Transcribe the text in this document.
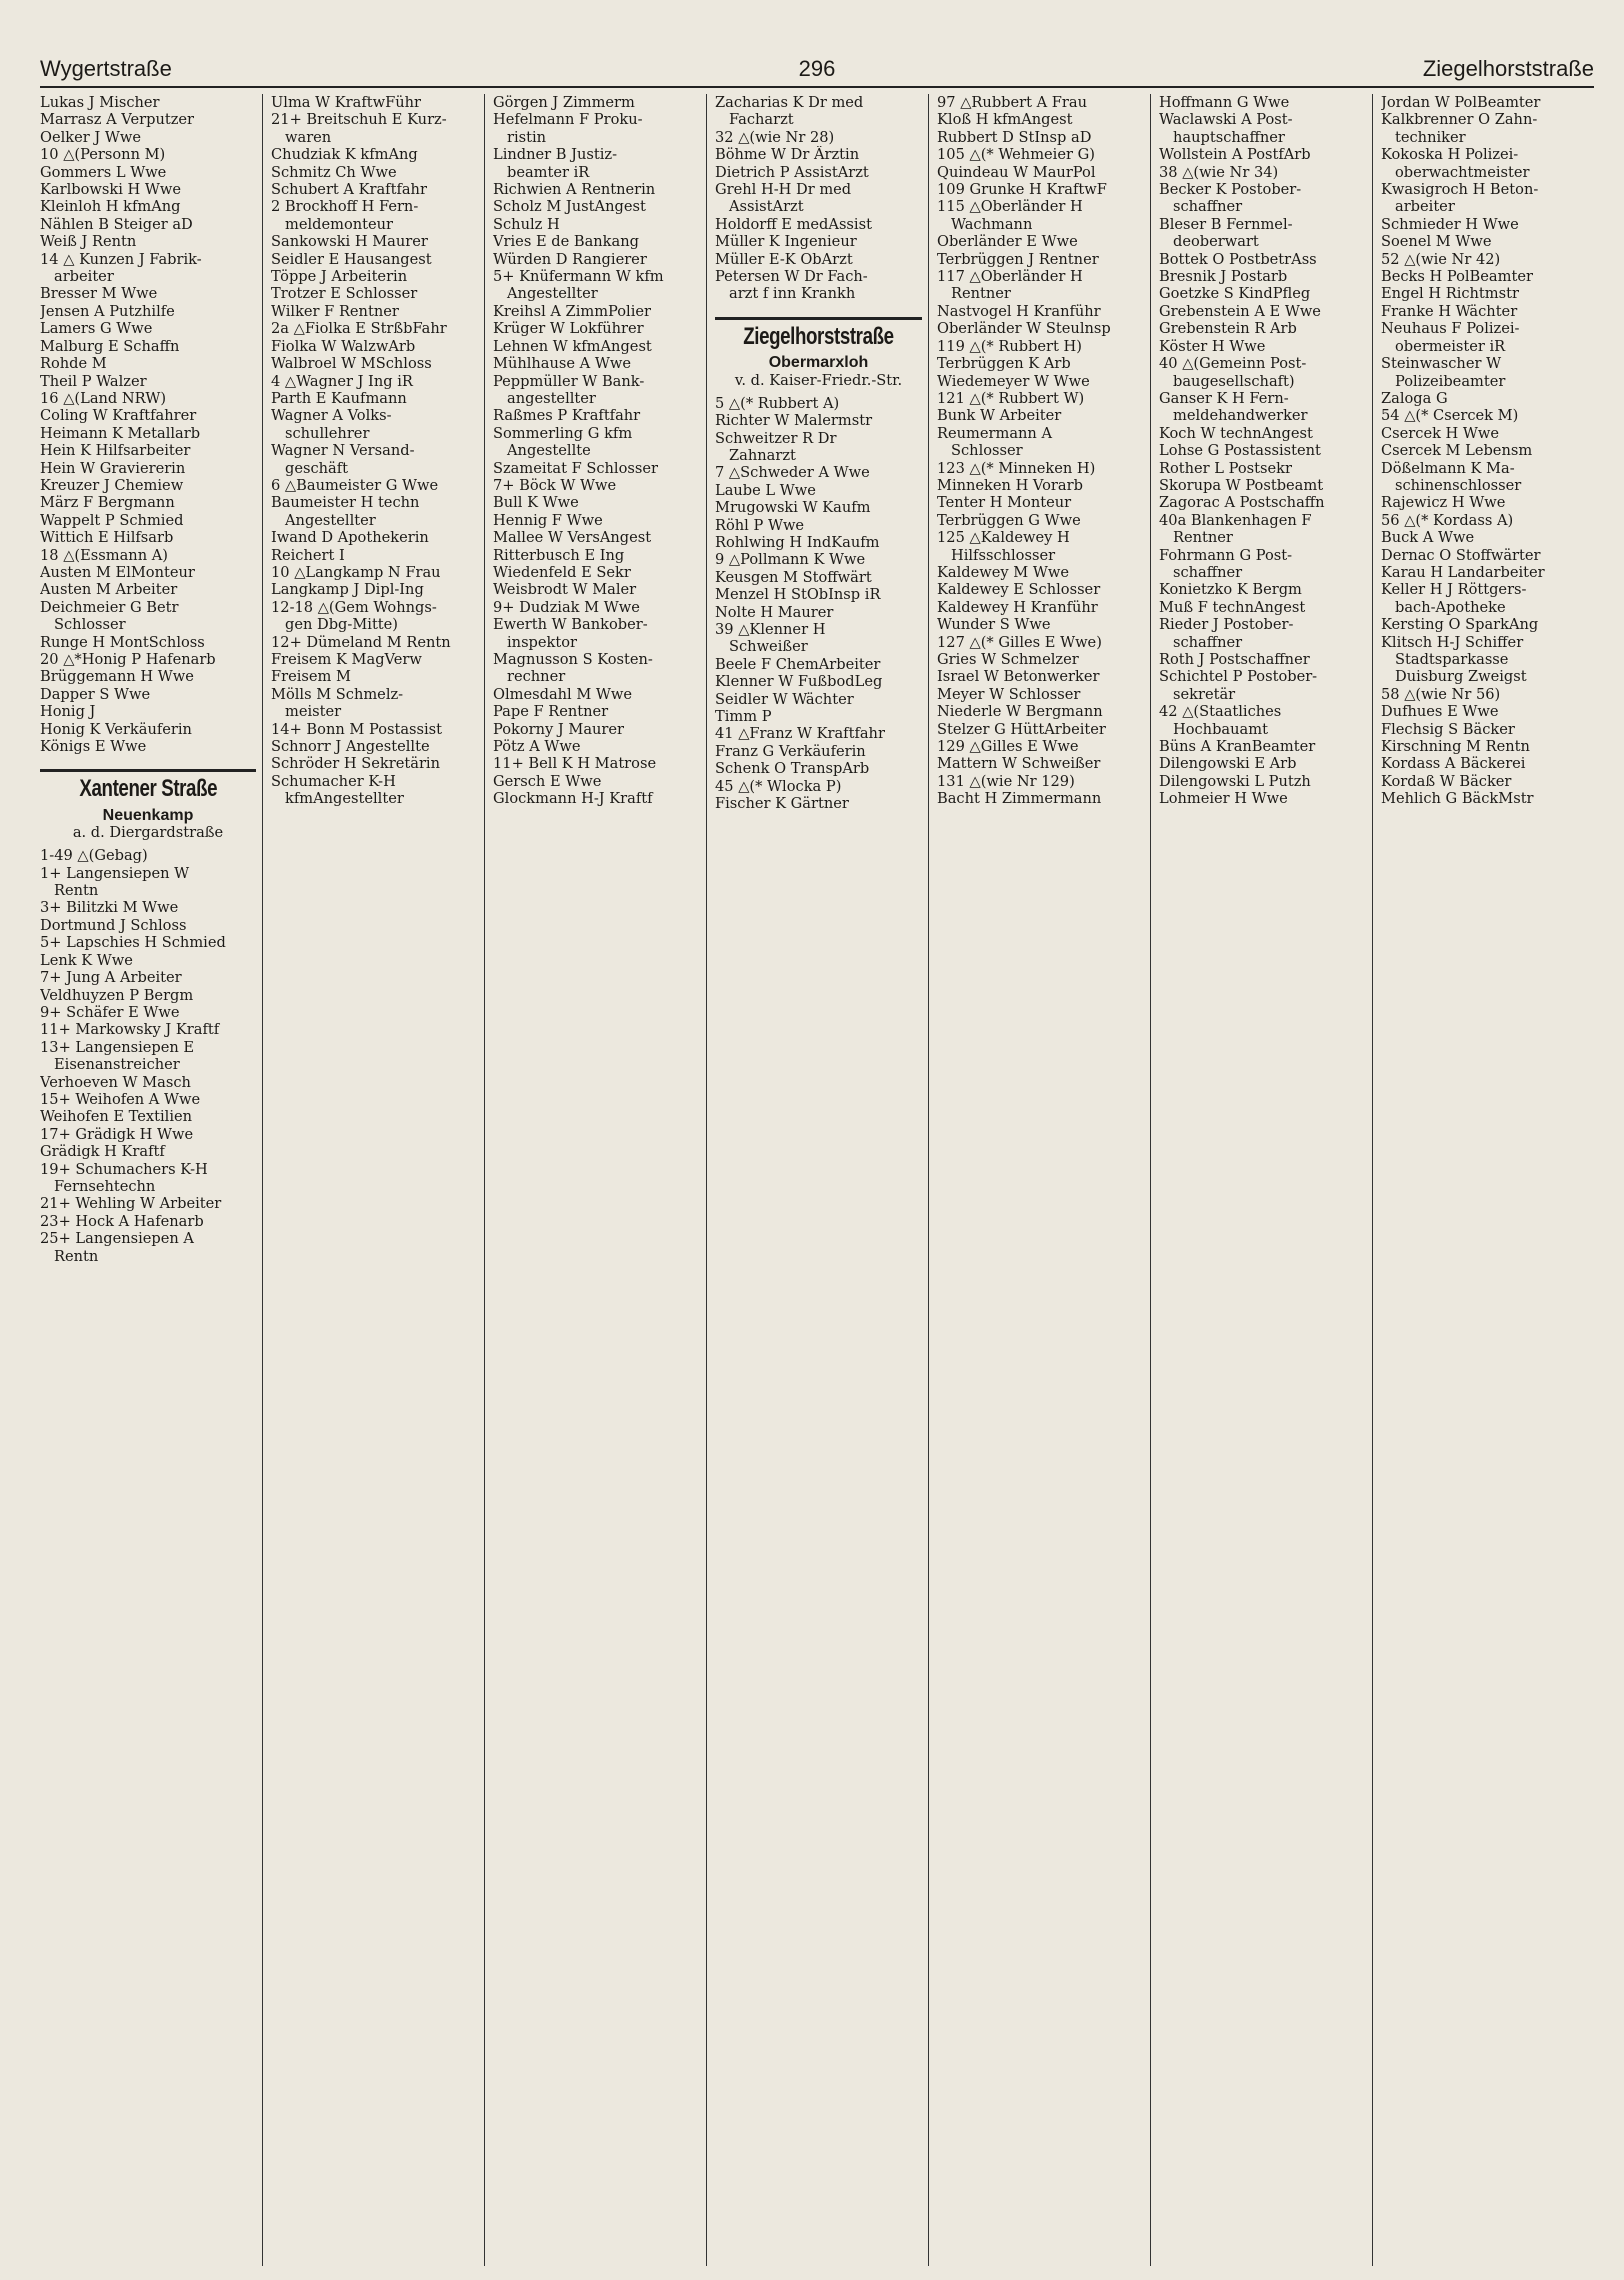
Wygertstraße	296	Ziegelhorststraße
Lukas J Mischer
Marrasz A Verputzer
Oelker J Wwe
10 △(Personn M)
Gommers L Wwe
Karlbowski H Wwe
Kleinloh H kfmAng
Nählen B Steiger aD
Weiß J Rentn
14 △ Kunzen J Fabrik-
arbeiter
Bresser M Wwe
Jensen A Putzhilfe
Lamers G Wwe
Malburg E Schaffn
Rohde M
Theil P Walzer
16 △(Land NRW)
Coling W Kraftfahrer
Heimann K Metallarb
Hein K Hilfsarbeiter
Hein W Graviererin
Kreuzer J Chemiew
März F Bergmann
Wappelt P Schmied
Wittich E Hilfsarb
18 △(Essmann A)
Austen M ElMonteur
Austen M Arbeiter
Deichmeier G Betr
Schlosser
Runge H MontSchloss
20 △*Honig P Hafenarb
Brüggemann H Wwe
Dapper S Wwe
Honig J
Honig K Verkäuferin
Königs E Wwe
Xantener Straße
Neuenkamp
a. d. Diergardstraße
1-49 △(Gebag)
1+ Langensiepen W
Rentn
3+ Bilitzki M Wwe
Dortmund J Schloss
5+ Lapschies H Schmied
Lenk K Wwe
7+ Jung A Arbeiter
Veldhuyzen P Bergm
9+ Schäfer E Wwe
11+ Markowsky J Kraftf
13+ Langensiepen E
Eisenanstreicher
Verhoeven W Masch
15+ Weihofen A Wwe
Weihofen E Textilien
17+ Grädigk H Wwe
Grädigk H Kraftf
19+ Schumachers K-H
Fernsehtechn
21+ Wehling W Arbeiter
23+ Hock A Hafenarb
25+ Langensiepen A
Rentn
Ulma W KraftwFühr
21+ Breitschuh E Kurz-
waren
Chudziak K kfmAng
Schmitz Ch Wwe
Schubert A Kraftfahr
2 Brockhoff H Fern-
meldemonteur
Sankowski H Maurer
Seidler E Hausangest
Töppe J Arbeiterin
Trotzer E Schlosser
Wilker F Rentner
2a △Fiolka E StrßbFahr
Fiolka W WalzwArb
Walbroel W MSchloss
4 △Wagner J Ing iR
Parth E Kaufmann
Wagner A Volks-
schullehrer
Wagner N Versand-
geschäft
6 △Baumeister G Wwe
Baumeister H techn
Angestellter
Iwand D Apothekerin
Reichert I
10 △Langkamp N Frau
Langkamp J Dipl-Ing
12-18 △(Gem Wohngs-
gen Dbg-Mitte)
12+ Dümeland M Rentn
Freisem K MagVerw
Freisem M
Mölls M Schmelz-
meister
14+ Bonn M Postassist
Schnorr J Angestellte
Schröder H Sekretärin
Schumacher K-H
kfmAngestellter
Görgen J Zimmerm
Hefelmann F Proku-
ristin
Lindner B Justiz-
beamter iR
Richwien A Rentnerin
Scholz M JustAngest
Schulz H
Vries E de Bankang
Würden D Rangierer
5+ Knüfermann W kfm
Angestellter
Kreihsl A ZimmPolier
Krüger W Lokführer
Lehnen W kfmAngest
Mühlhause A Wwe
Peppmüller W Bank-
angestellter
Raßmes P Kraftfahr
Sommerling G kfm
Angestellte
Szameitat F Schlosser
7+ Böck W Wwe
Bull K Wwe
Hennig F Wwe
Mallee W VersAngest
Ritterbusch E Ing
Wiedenfeld E Sekr
Weisbrodt W Maler
9+ Dudziak M Wwe
Ewerth W Bankober-
inspektor
Magnusson S Kosten-
rechner
Olmesdahl M Wwe
Pape F Rentner
Pokorny J Maurer
Pötz A Wwe
11+ Bell K H Matrose
Gersch E Wwe
Glockmann H-J Kraftf
Zacharias K Dr med
Facharzt
32 △(wie Nr 28)
Böhme W Dr Ärztin
Dietrich P AssistArzt
Grehl H-H Dr med
AssistArzt
Holdorff E medAssist
Müller K Ingenieur
Müller E-K ObArzt
Petersen W Dr Fach-
arzt f inn Krankh
Ziegelhorststraße
Obermarxloh
v. d. Kaiser-Friedr.-Str.
5 △(* Rubbert A)
Richter W Malermstr
Schweitzer R Dr
Zahnarzt
7 △Schweder A Wwe
Laube L Wwe
Mrugowski W Kaufm
Röhl P Wwe
Rohlwing H IndKaufm
9 △Pollmann K Wwe
Keusgen M Stoffwärt
Menzel H StObInsp iR
Nolte H Maurer
39 △Klenner H
Schweißer
Beele F ChemArbeiter
Klenner W FußbodLeg
Seidler W Wächter
Timm P
41 △Franz W Kraftfahr
Franz G Verkäuferin
Schenk O TranspArb
45 △(* Wlocka P)
Fischer K Gärtner
97 △Rubbert A Frau
Kloß H kfmAngest
Rubbert D StInsp aD
105 △(* Wehmeier G)
Quindeau W MaurPol
109 Grunke H KraftwF
115 △Oberländer H
Wachmann
Oberländer E Wwe
Terbrüggen J Rentner
117 △Oberländer H
Rentner
Nastvogel H Kranführ
Oberländer W Steulnsp
119 △(* Rubbert H)
Terbrüggen K Arb
Wiedemeyer W Wwe
121 △(* Rubbert W)
Bunk W Arbeiter
Reumermann A
Schlosser
123 △(* Minneken H)
Minneken H Vorarb
Tenter H Monteur
Terbrüggen G Wwe
125 △Kaldewey H
Hilfsschlosser
Kaldewey M Wwe
Kaldewey E Schlosser
Kaldewey H Kranführ
Wunder S Wwe
127 △(* Gilles E Wwe)
Gries W Schmelzer
Israel W Betonwerker
Meyer W Schlosser
Niederle W Bergmann
Stelzer G HüttArbeiter
129 △Gilles E Wwe
Mattern W Schweißer
131 △(wie Nr 129)
Bacht H Zimmermann
Hoffmann G Wwe
Waclawski A Post-
hauptschaffner
Wollstein A PostfArb
38 △(wie Nr 34)
Becker K Postober-
schaffner
Bleser B Fernmel-
deoberwart
Bottek O PostbetrAss
Bresnik J Postarb
Goetzke S KindPfleg
Grebenstein A E Wwe
Grebenstein R Arb
Köster H Wwe
40 △(Gemeinn Post-
baugesellschaft)
Ganser K H Fern-
meldehandwerker
Koch W technAngest
Lohse G Postassistent
Rother L Postsekr
Skorupa W Postbeamt
Zagorac A Postschaffn
40a Blankenhagen F
Rentner
Fohrmann G Post-
schaffner
Konietzko K Bergm
Muß F technAngest
Rieder J Postober-
schaffner
Roth J Postschaffner
Schichtel P Postober-
sekretär
42 △(Staatliches
Hochbauamt
Büns A KranBeamter
Dilengowski E Arb
Dilengowski L Putzh
Lohmeier H Wwe
Jordan W PolBeamter
Kalkbrenner O Zahn-
techniker
Kokoska H Polizei-
oberwachtmeister
Kwasigroch H Beton-
arbeiter
Schmieder H Wwe
Soenel M Wwe
52 △(wie Nr 42)
Becks H PolBeamter
Engel H Richtmstr
Franke H Wächter
Neuhaus F Polizei-
obermeister iR
Steinwascher W
Polizeibeamter
Zaloga G
54 △(* Csercek M)
Csercek H Wwe
Csercek M Lebensm
Dößelmann K Ma-
schinenschlosser
Rajewicz H Wwe
56 △(* Kordass A)
Buck A Wwe
Dernac O Stoffwärter
Karau H Landarbeiter
Keller H J Röttgers-
bach-Apotheke
Kersting O SparkAng
Klitsch H-J Schiffer
Stadtsparkasse
Duisburg Zweigst
58 △(wie Nr 56)
Dufhues E Wwe
Flechsig S Bäcker
Kirschning M Rentn
Kordass A Bäckerei
Kordaß W Bäcker
Mehlich G BäckMstr
